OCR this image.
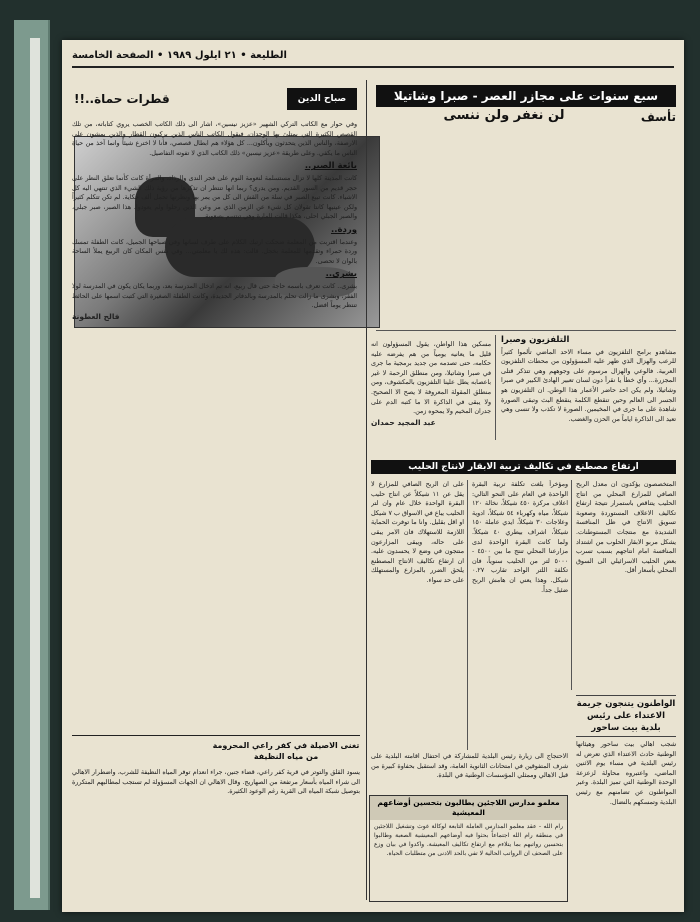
الطليعة • ٢١ ايلول ١٩٨٩ • الصفحة الخامسة
سبع سنوات على مجازر العصر - صبرا وشاتيلا
لن نغفر ولن ننسى	تأسف
التلفزيون وصبرا

مشاهدو برامج التلفزيون في مساء الاحد الماضي تألموا كثيراً للرعب والهزال الذي ظهر عليه المسؤولون من محطات التلفزيون العربية. فالوعي والهزال مرسوم على وجوههم وهي تتذكر قتلى المجزرة... وأي خطأ يا نقرأ دون لسان تعبير الهادئ الكبير في صبرا وشاتيلا، ولم يكن احد حاضر الأعمار هذا الوطن. ان التلفزيون هو الجسر الى العالم وحين تنقطع الكلمة ينقطع البث وتبقى الصورة شاهدة على ما جرى في المخيمين. الصورة لا تكذب ولا تنسى وهي تعيد الى الذاكرة اياماً من الحزن والغضب.

مسكين هذا الواطن، يقول المسؤولون انه قليل ما يعانيه يومياً من هم يفرضه عليه حكامه، حتى تصدمه من جديد برمجية ما جرى في صبرا وشاتيلا، ومن منطلق الرحمة لا غير باعصابه يطل علينا التلفزيون بالمكشوف، ومن منطلق المقولة المعروفة لا يصح الا الصحيح. ولا يبقى في الذاكرة الا ما كتبه الدم على جدران المخيم ولا يمحوه زمن.

عبد المجيد حمدان
ارتفاع مصطنع في تكاليف تربية الابقار لانتاج الحليب

المتخصصون يؤكدون ان معدل الربح الصافي للمزارع المحلي من انتاج الحليب يتناقص باستمرار نتيجة ارتفاع تكاليف الاعلاف المستوردة وصعوبة تسويق الانتاج في ظل المنافسة الشديدة مع منتجات المستوطنات. يشكل مربو الابقار الحلوب من اشتداد المنافسة امام انتاجهم بسبب تسرب بعض الحليب الاسرائيلي الى السوق المحلي بأسعار أقل.

ومؤخراً بلغت تكلفة تربية البقرة الواحدة في العام على النحو التالي: اعلاف مركزة ٤٥٠ شيكلاً، نخالة ١٢٠ شيكلاً، مياه وكهرباء ٥٤ شيكلاً، ادوية وعلاجات ٣٠ شيكلاً، ايدي عاملة ١٥٠ شيكلاً، اشراف بيطري ٤٠ شيكلاً. ولما كانت البقرة الواحدة لدى مزارعنا المحلي تنتج ما بين ٤٥٠٠ - ٥٠٠٠ لتر من الحليب سنوياً، فان تكلفة اللتر الواحد تقارب ٠.٢٧ شيكل. وهذا يعني ان هامش الربح ضئيل جداً.

على ان الربح الصافي للمزارع لا يقل عن ١١ شيكلاً عن انتاج حليب البقرة الواحدة خلال عام وان لتر الحليب يباع في الاسواق ب ٧ شيكل او اقل بقليل. وانا ما توفرت الحماية اللازمة للاستهلاك فان الامر يبقى على حاله، ويبقى المزارعون منتجون في وضع لا يحسدون عليه. ان ارتفاع تكاليف الانتاج المصطنع يلحق الضرر بالمزارع والمستهلك على حد سواء.

الواطنون يتنجون جريمة الاعتداء على رئيس بلدية بيت ساحور

شجب اهالي بيت ساحور وهيئاتها الوطنية حادث الاعتداء الذي تعرض له رئيس البلدية في مساء يوم الاثنين الماضي، واعتبروه محاولة لزعزعة الوحدة الوطنية التي تميز البلدة. وعبر المواطنون عن تضامنهم مع رئيس البلدية وتمسكهم بالنضال.

الاحتجاج الى زيارة رئيس البلدية للمشاركة في احتفال اقامته البلدية على شرف المتفوقين في امتحانات الثانوية العامة، وقد استقبل بحفاوة كبيرة من قبل الاهالي وممثلي المؤسسات الوطنية في البلدة.

معلمو مدارس اللاجئين يطالبون بتحسين أوضاعهم المعيشية

رام الله - عقد معلمو المدارس العاملة التابعة لوكالة غوث وتشغيل اللاجئين في منطقة رام الله اجتماعاً بحثوا فيه أوضاعهم المعيشية الصعبة وطالبوا بتحسين رواتبهم بما يتلاءم مع ارتفاع تكاليف المعيشة. واكدوا في بيان وزع على الصحف ان الرواتب الحالية لا تفي بالحد الادنى من متطلبات الحياة.

صباح الدين
قطرات حماة..!!

وفي حوار مع الكاتب التركي الشهير «عزيز نيسين»، اشار الى ذلك الكاتب الخصب يروي كتاباته، من تلك القصص الكثيرة التي يمتلئ بها الوجدان، فيقول الكاتب الناس الذين يركبون القطار والذين يمشون على الارصفة، والناس الذين يتحدثون ويأكلون... كل هؤلاء هم ابطال قصصي، فأنا لا اخترع شيئاً وانما آخذ من حياة الناس ما يكفي. وعلى طريقة «عزيز نيسين» ذلك الكاتب الذي لا تفوته التفاصيل.

بائعة الصبر..

كانت المدينة كلها لا تزال مستسلمة لنعومة النوم على فجر الندى والرذاذ، والمرأة كانت كأنما تعلق النظر على حجر قديم من السور القديم. ومن يدري؟ ربما انها تنتظر ان تذكرها من رؤية ذلك الشيء الذي تنتهي اليه كل الاشياء. كانت تبيع الصبر في سلة من القش الى كل من يمر بها ونظرتها تحمل ألف حكاية. لم تكن تتكلم كثيراً ولكن عينيها كانتا تقولان كل شيء عن الزمن الذي مر وعن الذين رحلوا ولم يعودوا. هذا الصبر، صبر جبلي، والصبر الجبلي احلى، هكذا قالت للمارة وهي تبتسم بصعوبة.

وردة..

وعندما اقتربت من المعلمة ضحكت ارتبك الكلام على طرف لسانها وفي صباحها الجميل، كانت الطفلة تمسك وردة حمراء وتقدمها للمعلمة بخجل. قالت: هذه لك يا معلمتي... وفي نفس المكان كان الربيع يملأ الساحة بالوان لا تحصى.

بشرى..

بشرى.. كانت تعرف باسمه حاجة حتى قال ربيع، انه تم ادخال المدرسة بعد، وربما يكان يكون في المدرسة لولا الفقر، وبشرى ما زالت تحلم بالمدرسة وبالدفاتر الجديدة، وكانت الطفلة الصغيرة التي كتبت اسمها على الحائط تنتظر يوماً افضل.

فالح العطونة
تغنى الاصيلة في كفر راعي المحرومة من مياه النظيفة

يسود القلق والتوتر في قرية كفر راعي، قضاء جنين، جراء انعدام توفر المياه النظيفة للشرب، واضطرار الاهالي الى شراء المياه بأسعار مرتفعة من الصهاريج. وقال الاهالي ان الجهات المسؤولة لم تستجب لمطالبهم المتكررة بتوصيل شبكة المياه الى القرية رغم الوعود الكثيرة.
